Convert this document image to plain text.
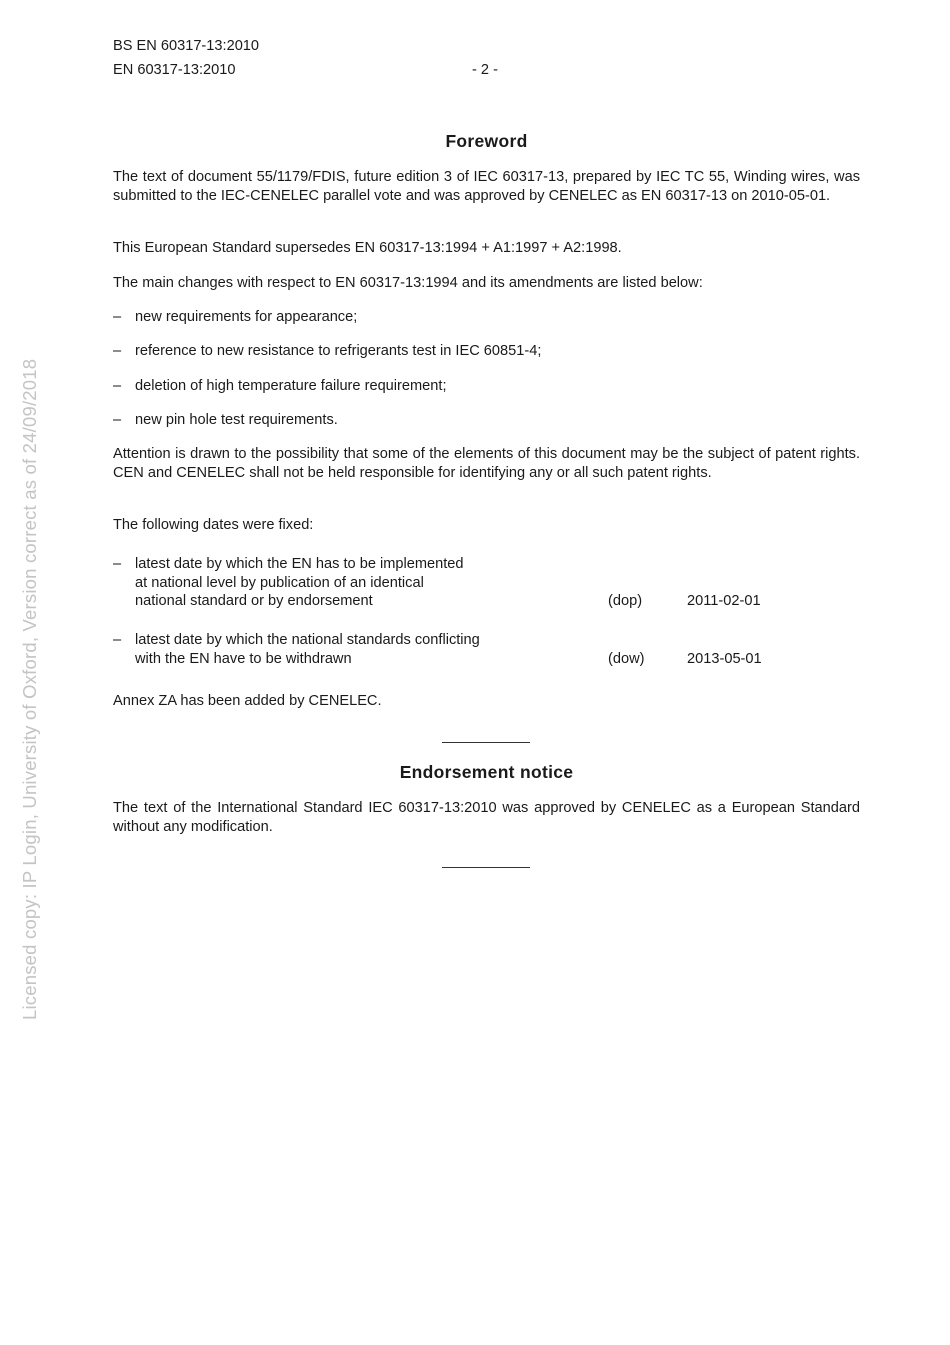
BS EN 60317-13:2010
EN 60317-13:2010	- 2 -
Foreword
The text of document 55/1179/FDIS, future edition 3 of IEC 60317-13, prepared by IEC TC 55, Winding wires, was submitted to the IEC-CENELEC parallel vote and was approved by CENELEC as EN 60317-13 on 2010-05-01.
This European Standard supersedes EN 60317-13:1994 + A1:1997 + A2:1998.
The main changes with respect to EN 60317-13:1994 and its amendments are listed below:
– new requirements for appearance;
– reference to new resistance to refrigerants test in IEC 60851-4;
– deletion of high temperature failure requirement;
– new pin hole test requirements.
Attention is drawn to the possibility that some of the elements of this document may be the subject of patent rights. CEN and CENELEC shall not be held responsible for identifying any or all such patent rights.
The following dates were fixed:
– latest date by which the EN has to be implemented
at national level by publication of an identical
national standard or by endorsement	(dop)	2011-02-01
– latest date by which the national standards conflicting
with the EN have to be withdrawn	(dow)	2013-05-01
Annex ZA has been added by CENELEC.
Endorsement notice
The text of the International Standard IEC 60317-13:2010 was approved by CENELEC as a European Standard without any modification.
Licensed copy: IP Login, University of Oxford, Version correct as of 24/09/2018
